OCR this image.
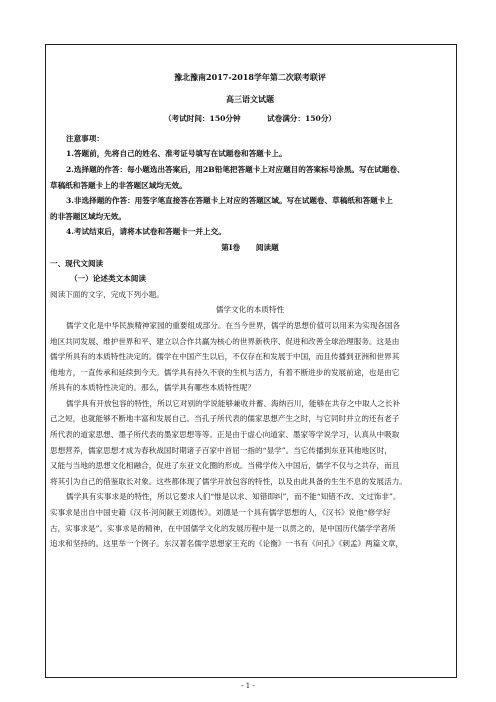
豫北豫南2017-2018学年第二次联考联评
高三语文试题
（考试时间：150分钟          试卷满分：150分）
注意事项：
1.答题前，先将自己的姓名、准考证号填写在试题卷和答题卡上。
2.选择题的作答：每小题选出答案后，用2B铅笔把答题卡上对应题目的答案标号涂黑。写在试题卷、
草稿纸和答题卡上的非答题区域均无效。
3.非选择题的作答：用签字笔直接答在答题卡上对应的答题区域。写在试题卷、草稿纸和答题卡上
的非答题区域均无效。
4.考试结束后，请将本试卷和答题卡一并上交。
第Ⅰ卷      阅读题
一、现代文阅读
（一）论述类文本阅读
阅读下面的文字，完成下列小题。
儒学文化的本质特性
儒学文化是中华民族精神家园的重要组成部分。在当今世界，儒学的思想价值可以用来为实现各国各
地区共同发展、维护世界和平、建立以合作共赢为核心的世界新秩序、促进和改善全球治理服务。这是由
儒学所具有的本质特性决定的。儒学在中国产生以后，不仅存在和发展于中国，而且传播到亚洲和世界其
他地方，一直传承和延续到今天。儒学具有持久不衰的生机与活力，有着不断进步的发展前途，也是由它
所具有的本质特性决定的。那么，儒学具有哪些本质特性呢？
儒学具有开放包容的特性，所以它对别的学说能够兼收并蓄、海纳百川，能够在共存之中取人之长补
己之短，也就能够不断地丰富和发展自己。当孔子所代表的儒家思想产生之时，与它同时并立的还有老子
所代表的道家思想、墨子所代表的墨家思想等等。正是由于虚心向道家、墨家等学说学习，认真从中吸取
思想营养，儒家思想才成为春秋战国时期诸子百家中首屈一指的“显学”。当它传播到东亚其他地区时，
又能与当地的思想文化相融合，促进了东亚文化圈的形成。当佛学传入中国后，儒学不仅与之共存，而且
将其引为自己的借鉴取长对象。这些都体现了儒学开放包容的特性，以及由此具备的生生不息的发展活力。
儒学具有实事求是的特性，所以它要求人们“惟是以求、知错即纠”，而不能“知错不改、文过饰非”。
实事求是出自中国史籍《汉书·河间献王刘德传》。刘德是一个具有儒学思想的人，《汉书》说他“修学好
古，实事求是”。实事求是的精神，在中国儒学文化的发展历程中是一以贯之的，是中国历代儒学学者所
追求和坚持的。这里举一个例子。东汉著名儒学思想家王充的《论衡》一书有《问孔》《刺孟》两篇文章，
- 1 -
